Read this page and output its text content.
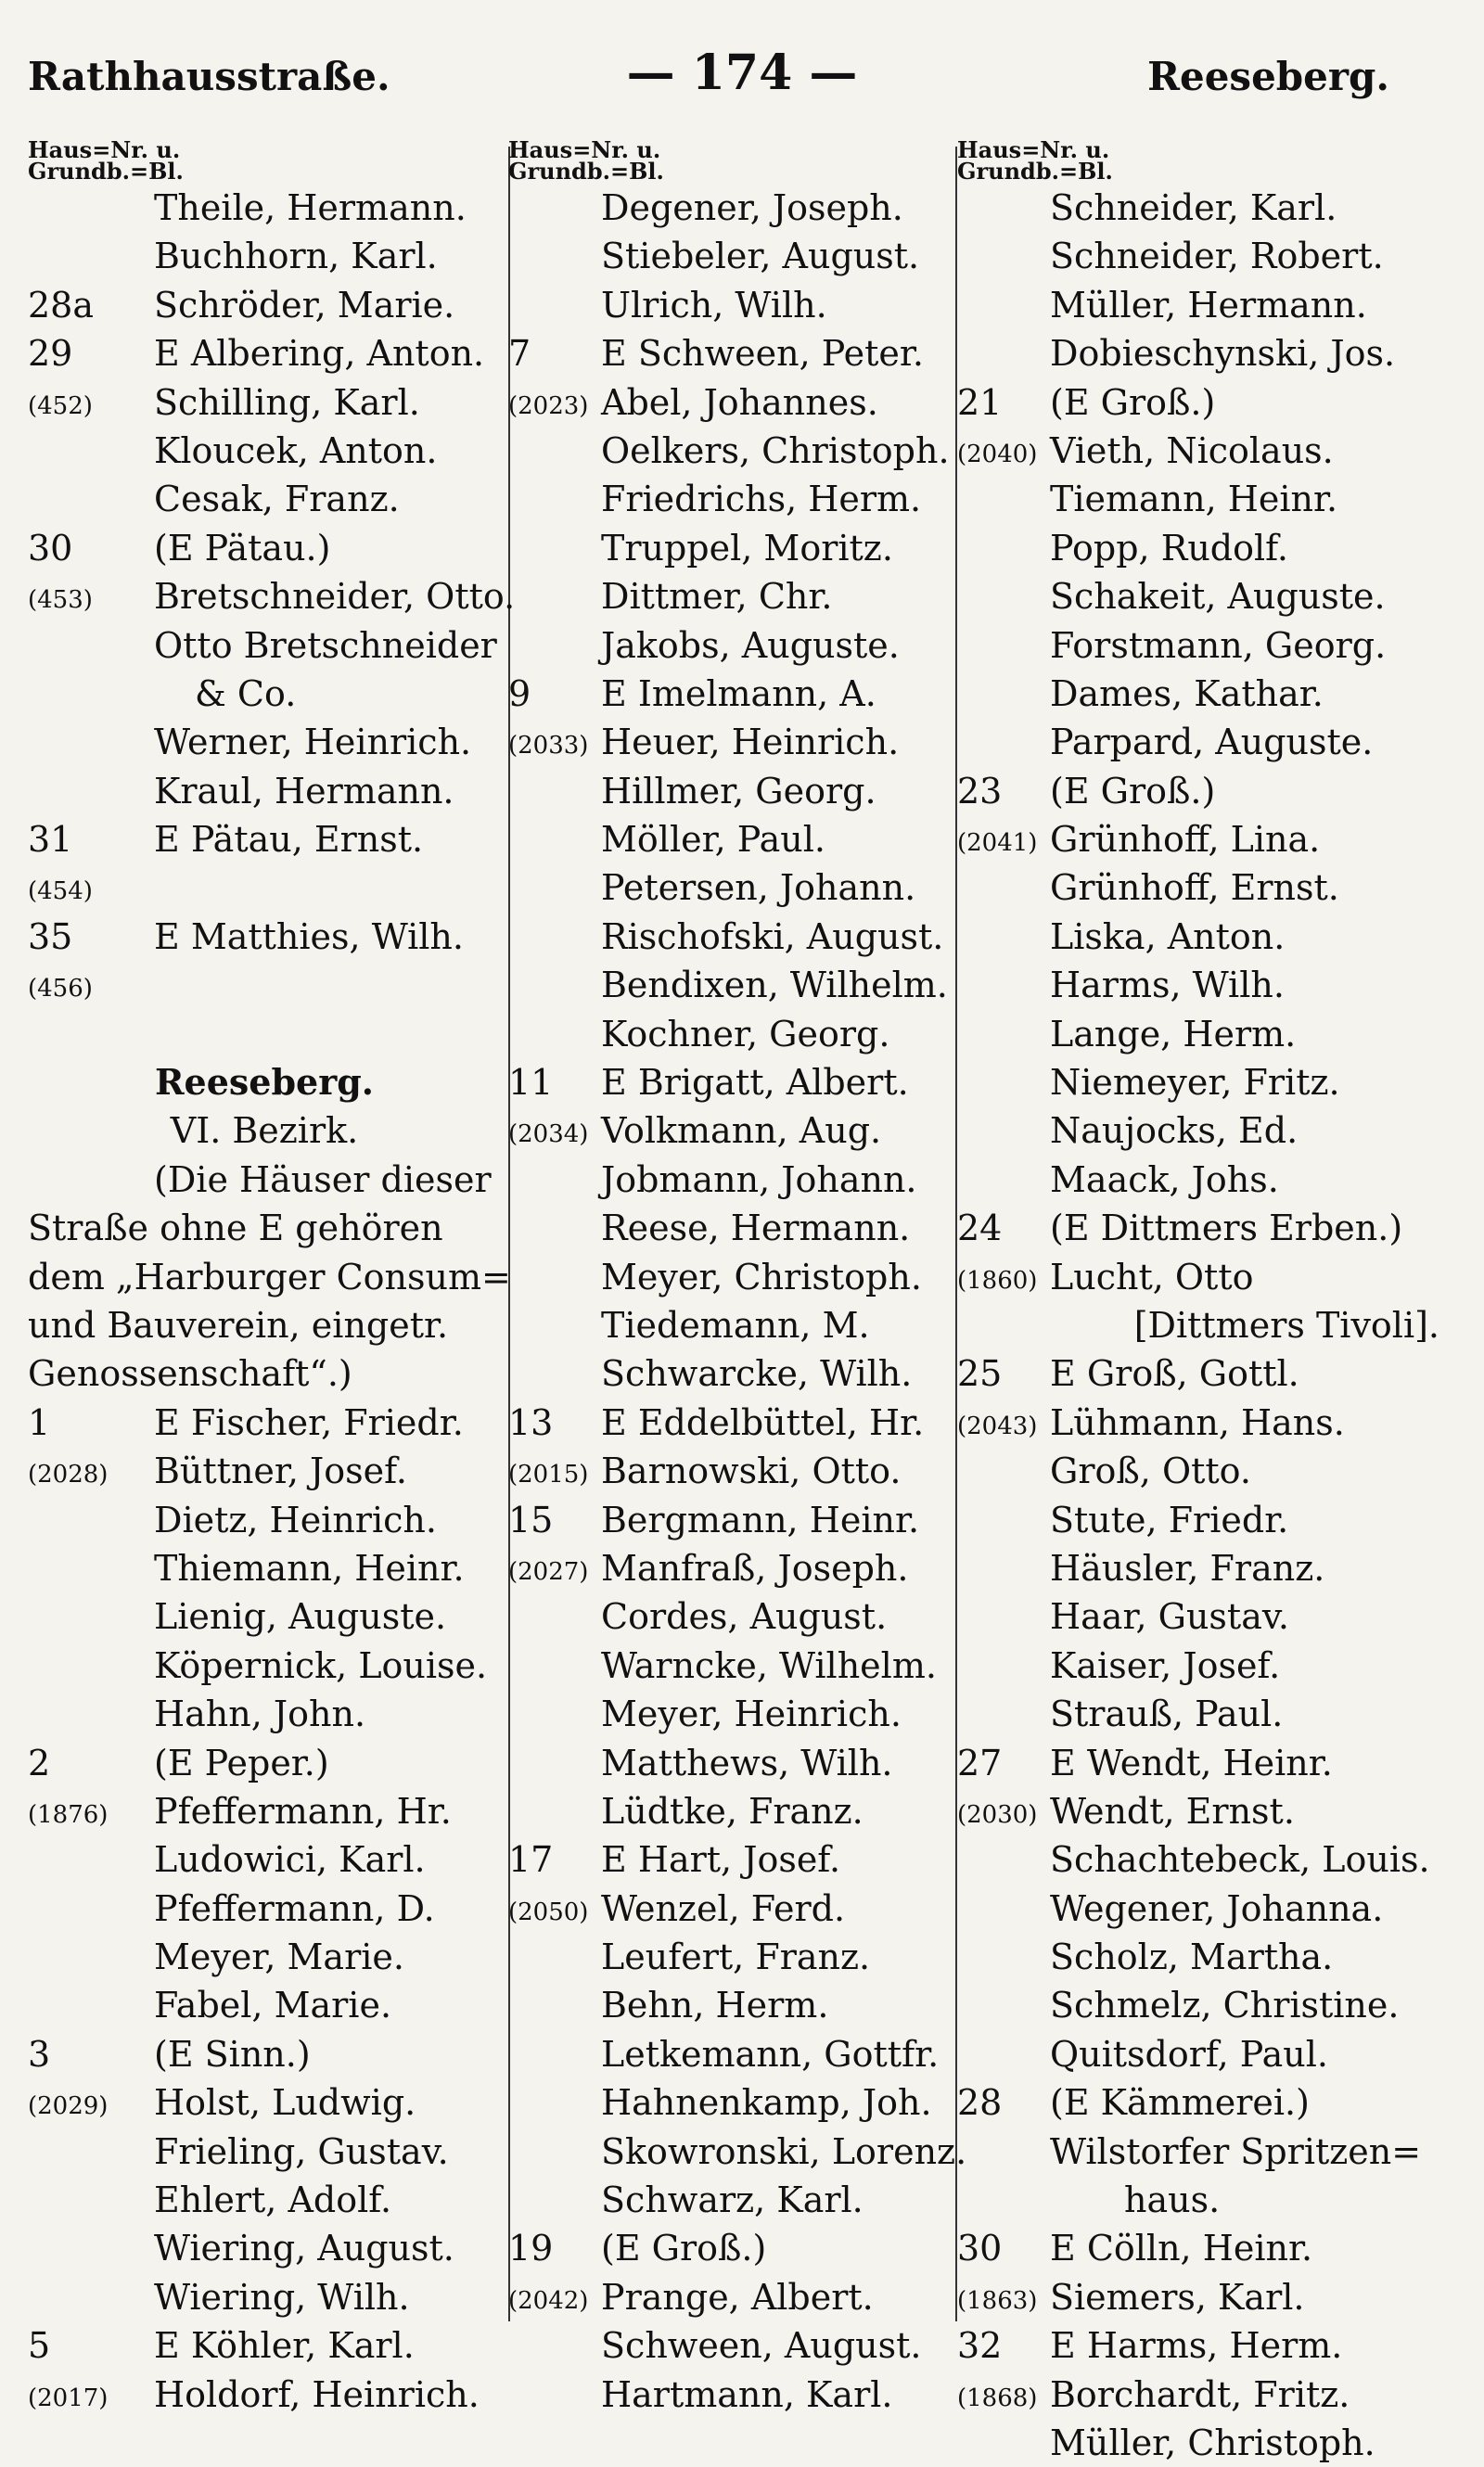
Rathhausstraße.	— 174 —	Reeseberg.
Haus=Nr. u.
Grundb.=Bl.
Theile, Hermann.
Buchhorn, Karl.
28a Schröder, Marie.
29 E Albering, Anton.
(452) Schilling, Karl.
Kloucek, Anton.
Cesak, Franz.
30 (E Pätau.)
(453) Bretschneider, Otto.
Otto Bretschneider
& Co.
Werner, Heinrich.
Kraul, Hermann.
31 E Pätau, Ernst.
(454)
35 E Matthies, Wilh.
(456)
Reeseberg.
VI. Bezirk.
(Die Häuser dieser
Straße ohne E gehören
dem „Harburger Consum=
und Bauverein, eingetr.
Genossenschaft“.)
1	E Fischer, Friedr.
(2028) Büttner, Josef.
Dietz, Heinrich.
Thiemann, Heinr.
Lienig, Auguste.
Köpernick, Louise.
Hahn, John.
2	(E Peper.)
(1876) Pfeffermann, Hr.
Ludowici, Karl.
Pfeffermann, D.
Meyer, Marie.
Fabel, Marie.
3	(E Sinn.)
(2029) Holst, Ludwig.
Frieling, Gustav.
Ehlert, Adolf.
Wiering, August.
Wiering, Wilh.
5	E Köhler, Karl.
(2017) Holdorf, Heinrich.
Haus=Nr. u.
Grundb.=Bl.
Degener, Joseph.
Stiebeler, August.
Ulrich, Wilh.
7 E Schween, Peter.
(2023) Abel, Johannes.
Oelkers, Christoph.
Friedrichs, Herm.
Truppel, Moritz.
Dittmer, Chr.
Jakobs, Auguste.
9 E Imelmann, A.
(2033) Heuer, Heinrich.
Hillmer, Georg.
Möller, Paul.
Petersen, Johann.
Rischofski, August.
Bendixen, Wilhelm.
Kochner, Georg.
11 E Brigatt, Albert.
(2034) Volkmann, Aug.
Jobmann, Johann.
Reese, Hermann.
Meyer, Christoph.
Tiedemann, M.
Schwarcke, Wilh.
13 E Eddelbüttel, Hr.
(2015) Barnowski, Otto.
15 Bergmann, Heinr.
(2027) Manfraß, Joseph.
Cordes, August.
Warncke, Wilhelm.
Meyer, Heinrich.
Matthews, Wilh.
Lüdtke, Franz.
17 E Hart, Josef.
(2050) Wenzel, Ferd.
Leufert, Franz.
Behn, Herm.
Letkemann, Gottfr.
Hahnenkamp, Joh.
Skowronski, Lorenz.
Schwarz, Karl.
19 (E Groß.)
(2042) Prange, Albert.
Schween, August.
Hartmann, Karl.
Haus=Nr. u.
Grundb.=Bl.
Schneider, Karl.
Schneider, Robert.
Müller, Hermann.
Dobieschynski, Jos.
21 (E Groß.)
(2040) Vieth, Nicolaus.
Tiemann, Heinr.
Popp, Rudolf.
Schakeit, Auguste.
Forstmann, Georg.
Dames, Kathar.
Parpard, Auguste.
23 (E Groß.)
(2041) Grünhoff, Lina.
Grünhoff, Ernst.
Liska, Anton.
Harms, Wilh.
Lange, Herm.
Niemeyer, Fritz.
Naujocks, Ed.
Maack, Johs.
24 (E Dittmers Erben.)
(1860) Lucht, Otto
[Dittmers Tivoli].
25 E Groß, Gottl.
(2043) Lühmann, Hans.
Groß, Otto.
Stute, Friedr.
Häusler, Franz.
Haar, Gustav.
Kaiser, Josef.
Strauß, Paul.
27 E Wendt, Heinr.
(2030) Wendt, Ernst.
Schachtebeck, Louis.
Wegener, Johanna.
Scholz, Martha.
Schmelz, Christine.
Quitsdorf, Paul.
28 (E Kämmerei.)
Wilstorfer Spritzen=
haus.
30 E Cölln, Heinr.
(1863) Siemers, Karl.
32 E Harms, Herm.
(1868) Borchardt, Fritz.
Müller, Christoph.
